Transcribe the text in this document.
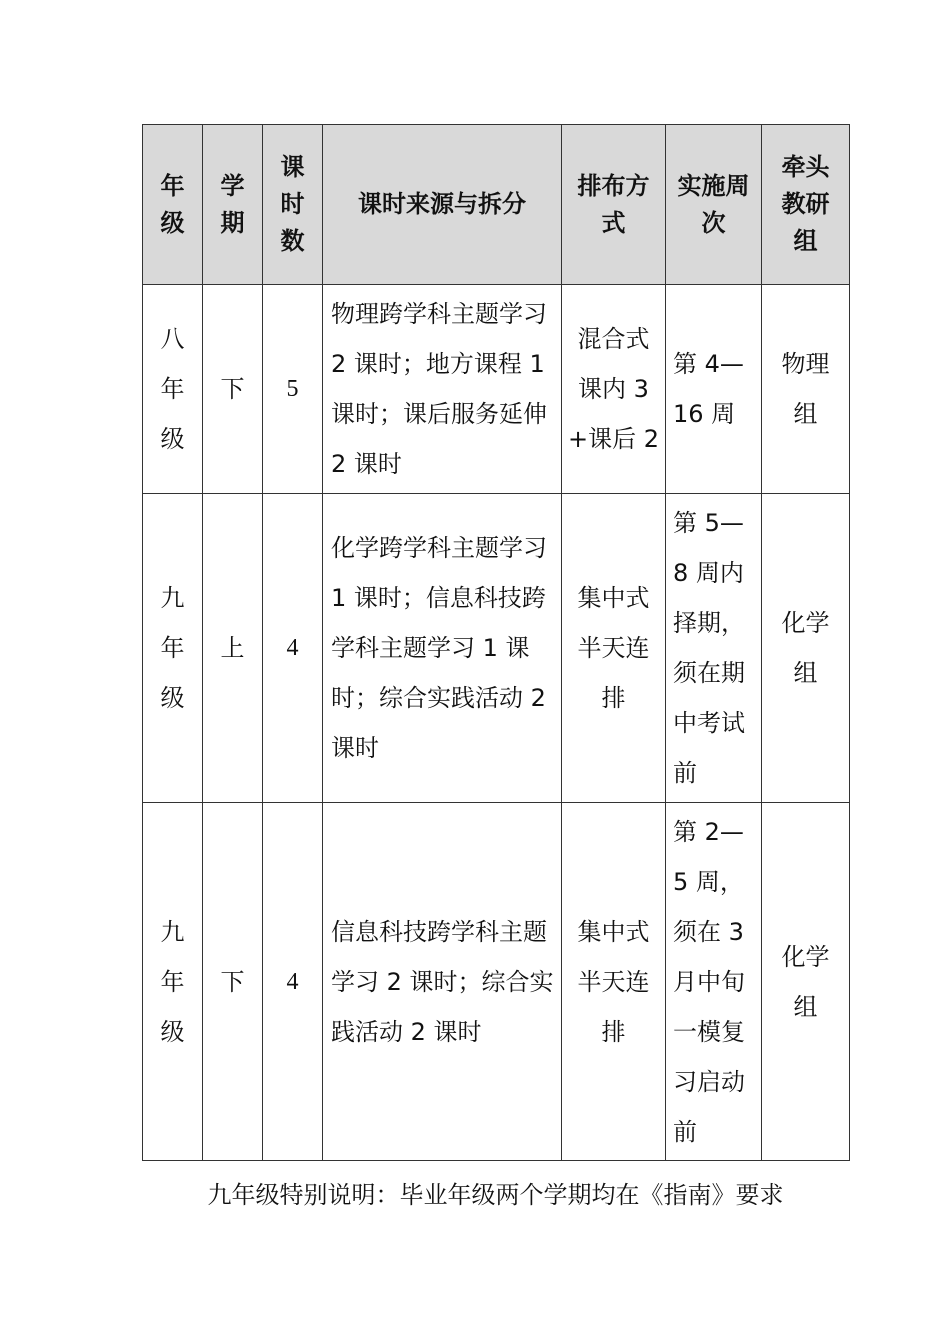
年级	学期	课时数	课时来源与拆分	排布方式	实施周次	牵头教研组
八年级	下	5	物理跨学科主题学习 2 课时；地方课程 1 课时；课后服务延伸 2 课时	混合式课内 3+课后 2	第 4—16 周	物理组
九年级	上	4	化学跨学科主题学习 1 课时；信息科技跨学科主题学习 1 课时；综合实践活动 2 课时	集中式半天连排	第 5—8 周内择期，须在期中考试前	化学组
九年级	下	4	信息科技跨学科主题学习 2 课时；综合实践活动 2 课时	集中式半天连排	第 2—5 周，须在 3 月中旬一模复习启动前	化学组
九年级特别说明：毕业年级两个学期均在《指南》要求
